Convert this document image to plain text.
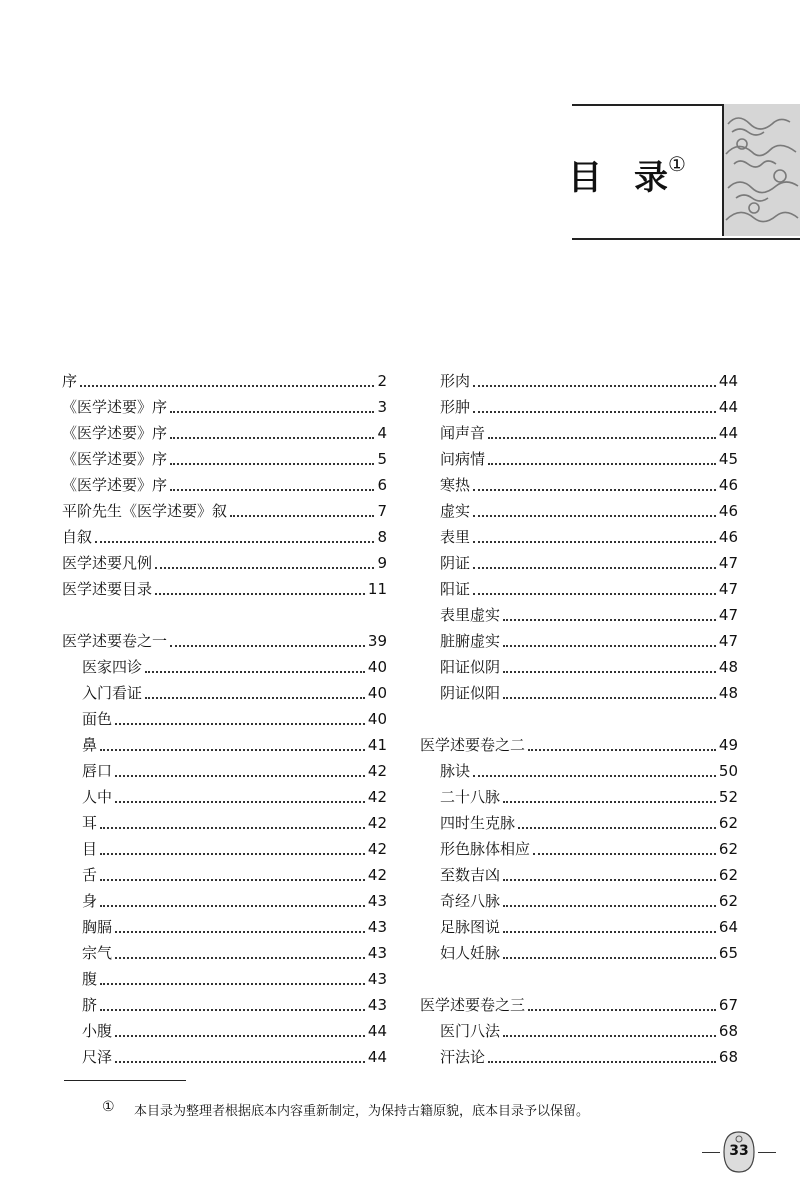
目 录
①
序	2
《医学述要》序	3
《医学述要》序	4
《医学述要》序	5
《医学述要》序	6
平阶先生《医学述要》叙	7
自叙	8
医学述要凡例	9
医学述要目录	11
医学述要卷之一	39
医家四诊	40
入门看证	40
面色	40
鼻	41
唇口	42
人中	42
耳	42
目	42
舌	42
身	43
胸膈	43
宗气	43
腹	43
脐	43
小腹	44
尺泽	44
形肉	44
形肿	44
闻声音	44
问病情	45
寒热	46
虚实	46
表里	46
阴证	47
阳证	47
表里虚实	47
脏腑虚实	47
阳证似阴	48
阴证似阳	48
医学述要卷之二	49
脉诀	50
二十八脉	52
四时生克脉	62
形色脉体相应	62
至数吉凶	62
奇经八脉	62
足脉图说	64
妇人妊脉	65
医学述要卷之三	67
医门八法	68
汗法论	68
① 本目录为整理者根据底本内容重新制定，为保持古籍原貌，底本目录予以保留。
33
